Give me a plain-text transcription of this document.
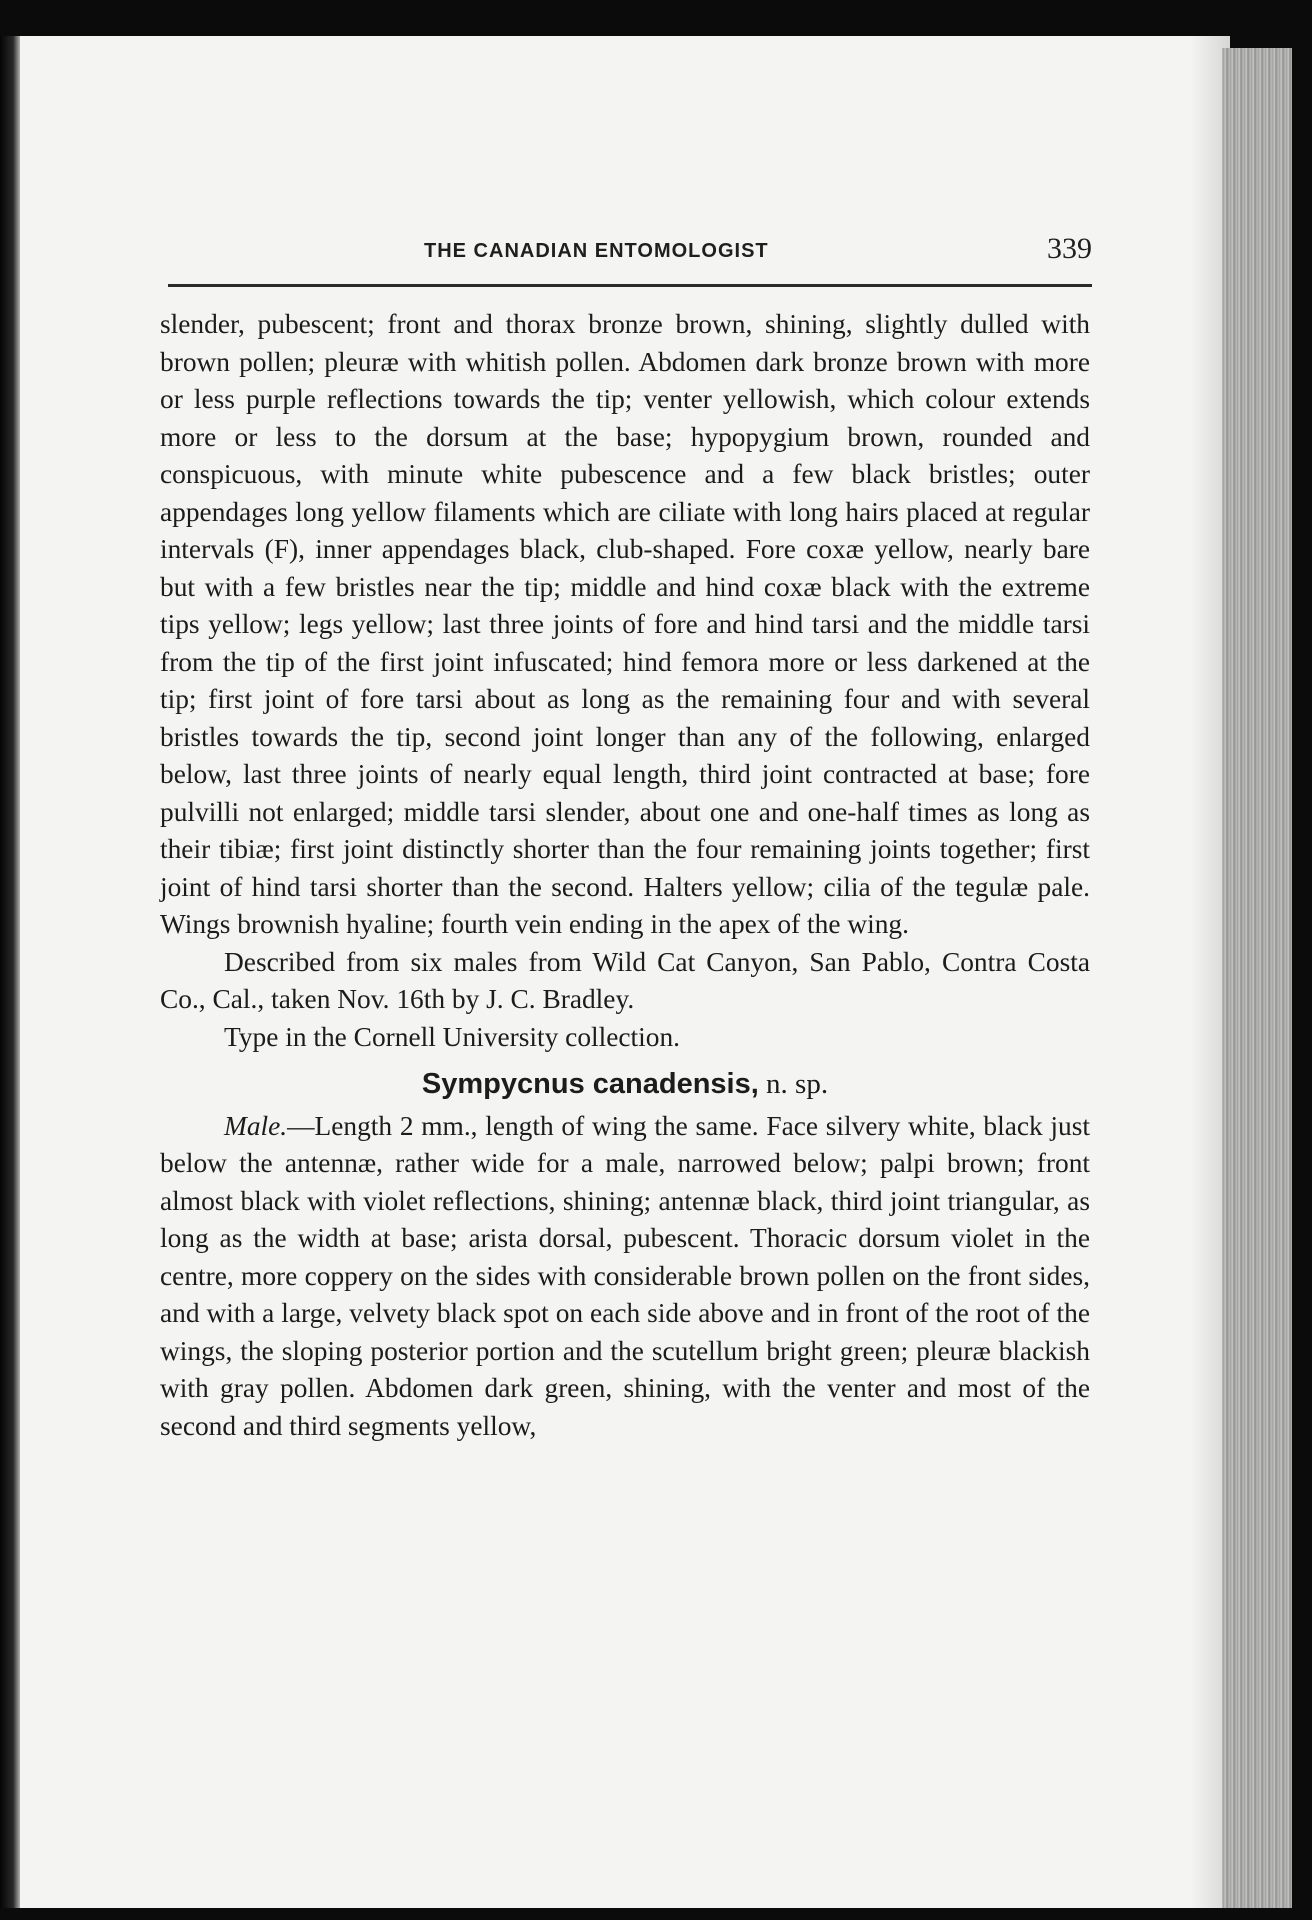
THE CANADIAN ENTOMOLOGIST	339

slender, pubescent; front and thorax bronze brown, shining, slightly dulled with brown pollen; pleuræ with whitish pollen. Abdomen dark bronze brown with more or less purple reflections towards the tip; venter yellowish, which colour extends more or less to the dorsum at the base; hypopygium brown, rounded and conspicuous, with minute white pubescence and a few black bristles; outer appendages long yellow filaments which are ciliate with long hairs placed at regular intervals (F), inner appendages black, club-shaped. Fore coxæ yellow, nearly bare but with a few bristles near the tip; middle and hind coxæ black with the extreme tips yellow; legs yellow; last three joints of fore and hind tarsi and the middle tarsi from the tip of the first joint infuscated; hind femora more or less darkened at the tip; first joint of fore tarsi about as long as the remaining four and with several bristles towards the tip, second joint longer than any of the following, enlarged below, last three joints of nearly equal length, third joint contracted at base; fore pulvilli not enlarged; middle tarsi slender, about one and one-half times as long as their tibiæ; first joint distinctly shorter than the four remaining joints together; first joint of hind tarsi shorter than the second. Halters yellow; cilia of the tegulæ pale. Wings brownish hyaline; fourth vein ending in the apex of the wing.

Described from six males from Wild Cat Canyon, San Pablo, Contra Costa Co., Cal., taken Nov. 16th by J. C. Bradley.

Type in the Cornell University collection.

Sympycnus canadensis, n. sp.

Male.—Length 2 mm., length of wing the same. Face silvery white, black just below the antennæ, rather wide for a male, narrowed below; palpi brown; front almost black with violet reflections, shining; antennæ black, third joint triangular, as long as the width at base; arista dorsal, pubescent. Thoracic dorsum violet in the centre, more coppery on the sides with considerable brown pollen on the front sides, and with a large, velvety black spot on each side above and in front of the root of the wings, the sloping posterior portion and the scutellum bright green; pleuræ blackish with gray pollen. Abdomen dark green, shining, with the venter and most of the second and third segments yellow,
